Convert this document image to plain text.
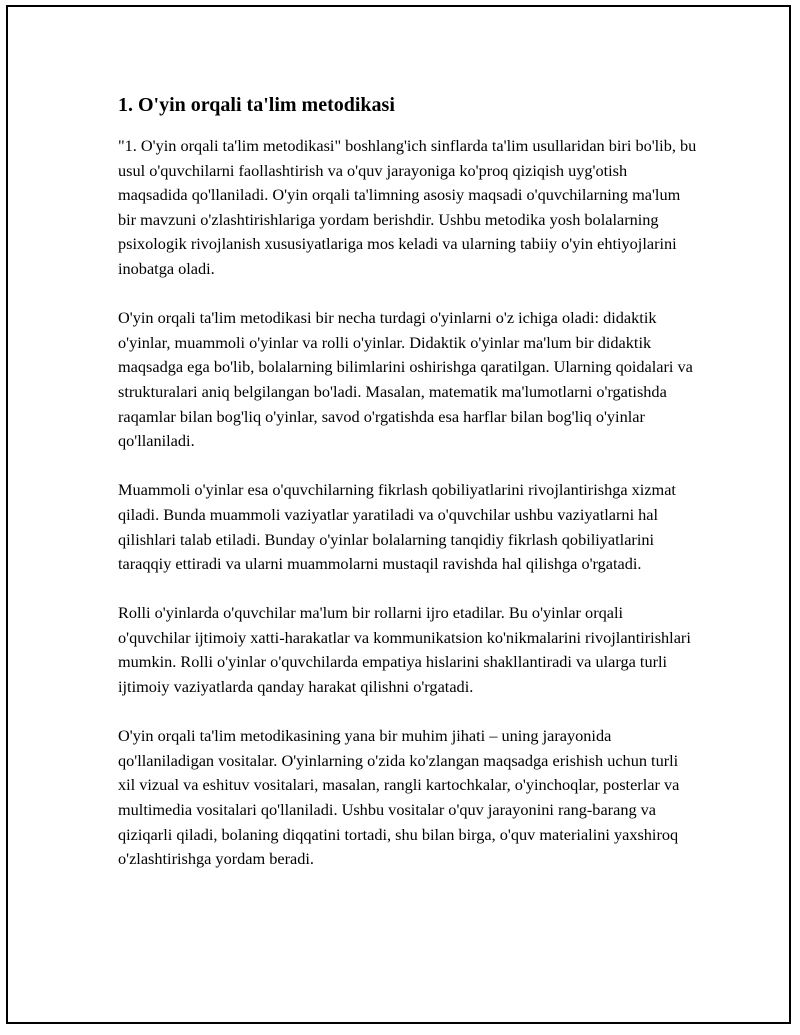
1. O'yin orqali ta'lim metodikasi

"1. O'yin orqali ta'lim metodikasi" boshlang'ich sinflarda ta'lim usullaridan biri bo'lib, bu usul o'quvchilarni faollashtirish va o'quv jarayoniga ko'proq qiziqish uyg'otish maqsadida qo'llaniladi. O'yin orqali ta'limning asosiy maqsadi o'quvchilarning ma'lum bir mavzuni o'zlashtirishlariga yordam berishdir. Ushbu metodika yosh bolalarning psixologik rivojlanish xususiyatlariga mos keladi va ularning tabiiy o'yin ehtiyojlarini inobatga oladi.

O'yin orqali ta'lim metodikasi bir necha turdagi o'yinlarni o'z ichiga oladi: didaktik o'yinlar, muammoli o'yinlar va rolli o'yinlar. Didaktik o'yinlar ma'lum bir didaktik maqsadga ega bo'lib, bolalarning bilimlarini oshirishga qaratilgan. Ularning qoidalari va strukturalari aniq belgilangan bo'ladi. Masalan, matematik ma'lumotlarni o'rgatishda raqamlar bilan bog'liq o'yinlar, savod o'rgatishda esa harflar bilan bog'liq o'yinlar qo'llaniladi.

Muammoli o'yinlar esa o'quvchilarning fikrlash qobiliyatlarini rivojlantirishga xizmat qiladi. Bunda muammoli vaziyatlar yaratiladi va o'quvchilar ushbu vaziyatlarni hal qilishlari talab etiladi. Bunday o'yinlar bolalarning tanqidiy fikrlash qobiliyatlarini taraqqiy ettiradi va ularni muammolarni mustaqil ravishda hal qilishga o'rgatadi.

Rolli o'yinlarda o'quvchilar ma'lum bir rollarni ijro etadilar. Bu o'yinlar orqali o'quvchilar ijtimoiy xatti-harakatlar va kommunikatsion ko'nikmalarini rivojlantirishlari mumkin. Rolli o'yinlar o'quvchilarda empatiya hislarini shakllantiradi va ularga turli ijtimoiy vaziyatlarda qanday harakat qilishni o'rgatadi.

O'yin orqali ta'lim metodikasining yana bir muhim jihati – uning jarayonida qo'llaniladigan vositalar. O'yinlarning o'zida ko'zlangan maqsadga erishish uchun turli xil vizual va eshituv vositalari, masalan, rangli kartochkalar, o'yinchoqlar, posterlar va multimedia vositalari qo'llaniladi. Ushbu vositalar o'quv jarayonini rang-barang va qiziqarli qiladi, bolaning diqqatini tortadi, shu bilan birga, o'quv materialini yaxshiroq o'zlashtirishga yordam beradi.
